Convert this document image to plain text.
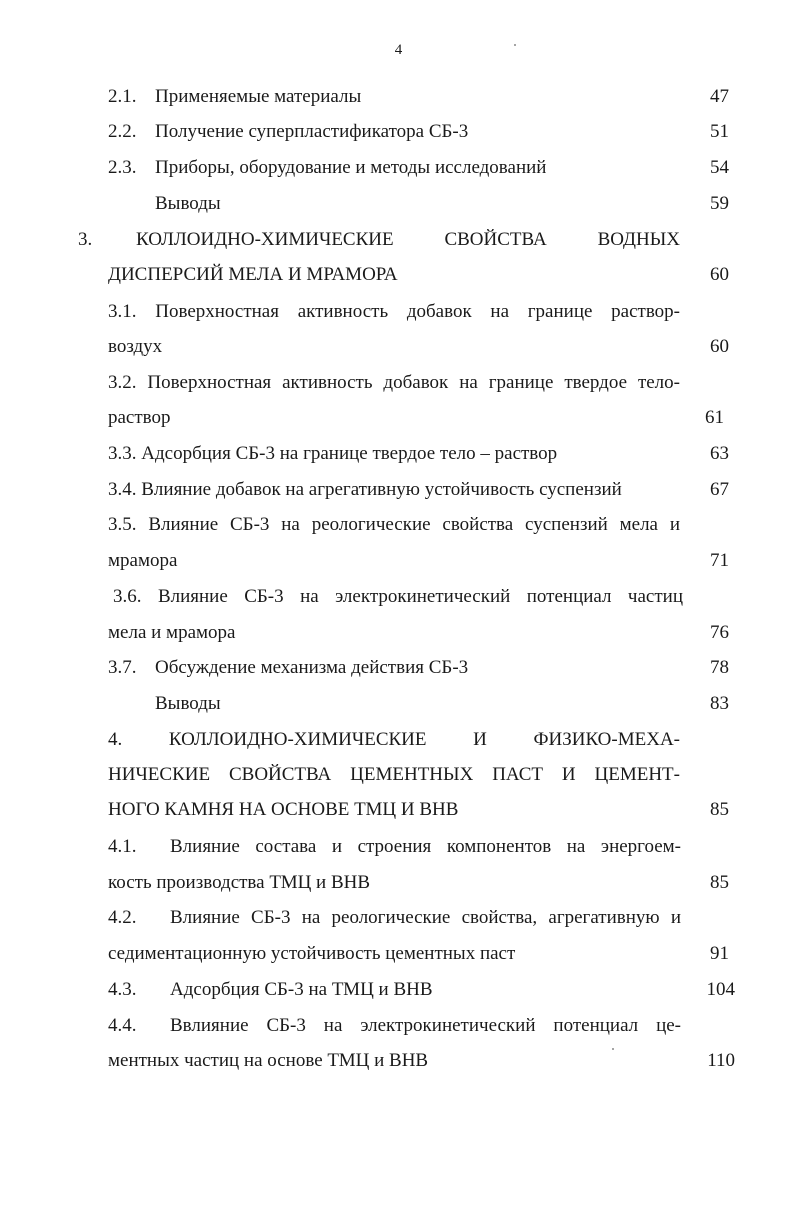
4
2.1. Применяемые материалы	47
2.2. Получение суперпластификатора СБ-3	51
2.3. Приборы, оборудование и методы исследований	54
Выводы	59
3. КОЛЛОИДНО-ХИМИЧЕСКИЕ СВОЙСТВА ВОДНЫХ
ДИСПЕРСИЙ МЕЛА И МРАМОРА	60
3.1. Поверхностная активность добавок на границе раствор-
воздух	60
3.2. Поверхностная активность добавок на границе твердое тело-
раствор	61
3.3. Адсорбция СБ-3 на границе твердое тело – раствор	63
3.4. Влияние добавок на агрегативную устойчивость суспензий	67
3.5. Влияние СБ-3 на реологические свойства суспензий мела и
мрамора	71
3.6. Влияние СБ-3 на электрокинетический потенциал частиц
мела и мрамора	76
3.7. Обсуждение механизма действия СБ-3	78
Выводы	83
4. КОЛЛОИДНО-ХИМИЧЕСКИЕ И ФИЗИКО-МЕХА-
НИЧЕСКИЕ СВОЙСТВА ЦЕМЕНТНЫХ ПАСТ И ЦЕМЕНТ-
НОГО КАМНЯ НА ОСНОВЕ ТМЦ И ВНВ	85
4.1. Влияние состава и строения компонентов на энергоем-
кость производства ТМЦ и ВНВ	85
4.2. Влияние СБ-3 на реологические свойства, агрегативную и
седиментационную устойчивость цементных паст	91
4.3. Адсорбция СБ-3 на ТМЦ и ВНВ	104
4.4. Ввлияние СБ-3 на электрокинетический потенциал це-
ментных частиц на основе ТМЦ и ВНВ	110
